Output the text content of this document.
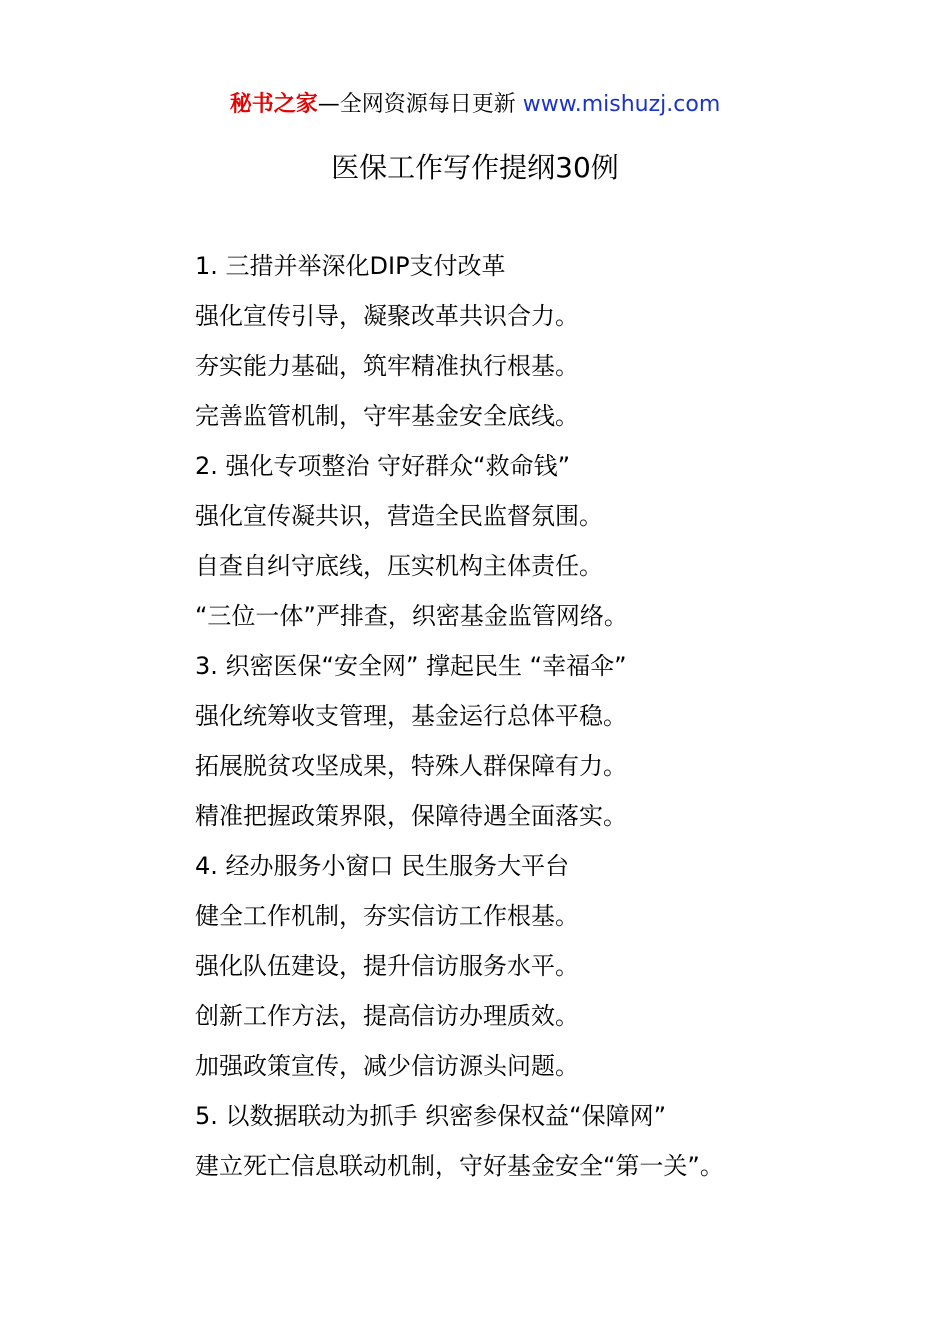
秘书之家—全网资源每日更新 www.mishuzj.com
医保工作写作提纲30例
1. 三措并举深化DIP支付改革
强化宣传引导，凝聚改革共识合力。
夯实能力基础，筑牢精准执行根基。
完善监管机制，守牢基金安全底线。
2. 强化专项整治 守好群众“救命钱”
强化宣传凝共识，营造全民监督氛围。
自查自纠守底线，压实机构主体责任。
“三位一体”严排查，织密基金监管网络。
3. 织密医保“安全网” 撑起民生 “幸福伞”
强化统筹收支管理，基金运行总体平稳。
拓展脱贫攻坚成果，特殊人群保障有力。
精准把握政策界限，保障待遇全面落实。
4. 经办服务小窗口 民生服务大平台
健全工作机制，夯实信访工作根基。
强化队伍建设，提升信访服务水平。
创新工作方法，提高信访办理质效。
加强政策宣传，减少信访源头问题。
5. 以数据联动为抓手 织密参保权益“保障网”
建立死亡信息联动机制，守好基金安全“第一关”。
